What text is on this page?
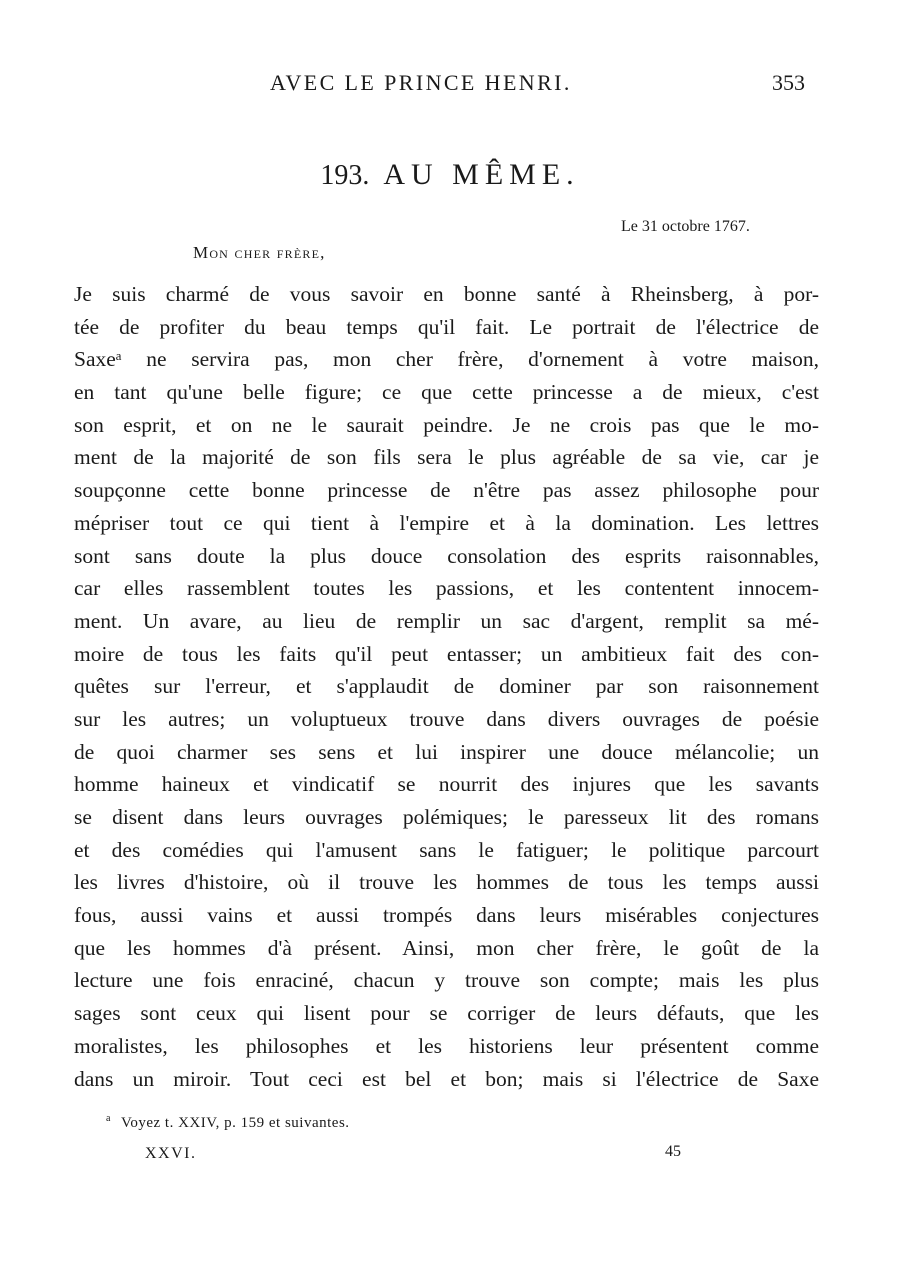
AVEC LE PRINCE HENRI.	353
193. AU MÊME.
Le 31 octobre 1767.
Mon cher frère,
Je suis charmé de vous savoir en bonne santé à Rheinsberg, à por-
tée de profiter du beau temps qu'il fait. Le portrait de l'électrice de
Saxeᵃ ne servira pas, mon cher frère, d'ornement à votre maison,
en tant qu'une belle figure; ce que cette princesse a de mieux, c'est
son esprit, et on ne le saurait peindre. Je ne crois pas que le mo-
ment de la majorité de son fils sera le plus agréable de sa vie, car je
soupçonne cette bonne princesse de n'être pas assez philosophe pour
mépriser tout ce qui tient à l'empire et à la domination. Les lettres
sont sans doute la plus douce consolation des esprits raisonnables,
car elles rassemblent toutes les passions, et les contentent innocem-
ment. Un avare, au lieu de remplir un sac d'argent, remplit sa mé-
moire de tous les faits qu'il peut entasser; un ambitieux fait des con-
quêtes sur l'erreur, et s'applaudit de dominer par son raisonnement
sur les autres; un voluptueux trouve dans divers ouvrages de poésie
de quoi charmer ses sens et lui inspirer une douce mélancolie; un
homme haineux et vindicatif se nourrit des injures que les savants
se disent dans leurs ouvrages polémiques; le paresseux lit des romans
et des comédies qui l'amusent sans le fatiguer; le politique parcourt
les livres d'histoire, où il trouve les hommes de tous les temps aussi
fous, aussi vains et aussi trompés dans leurs misérables conjectures
que les hommes d'à présent. Ainsi, mon cher frère, le goût de la
lecture une fois enraciné, chacun y trouve son compte; mais les plus
sages sont ceux qui lisent pour se corriger de leurs défauts, que les
moralistes, les philosophes et les historiens leur présentent comme
dans un miroir. Tout ceci est bel et bon; mais si l'électrice de Saxe
$^a$ Voyez t. XXIV, p. 159 et suivantes.
XXVI.	45
